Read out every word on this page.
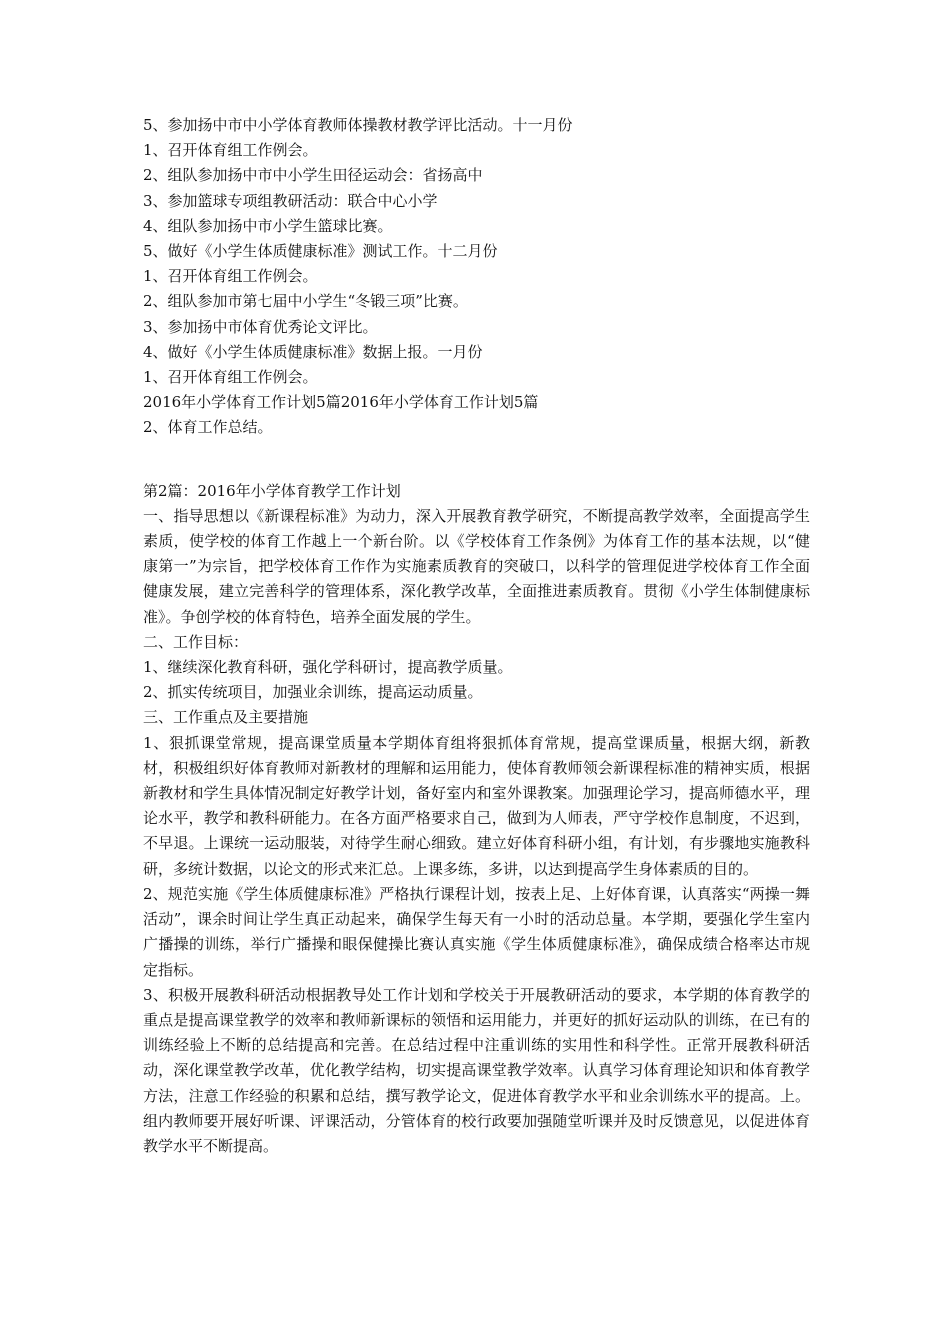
5、参加扬中市中小学体育教师体操教材教学评比活动。十一月份

1、召开体育组工作例会。

2、组队参加扬中市中小学生田径运动会：省扬高中

3、参加篮球专项组教研活动：联合中心小学

4、组队参加扬中市小学生篮球比赛。

5、做好《小学生体质健康标准》测试工作。十二月份

1、召开体育组工作例会。

2、组队参加市第七届中小学生“冬锻三项”比赛。

3、参加扬中市体育优秀论文评比。

4、做好《小学生体质健康标准》数据上报。一月份

1、召开体育组工作例会。

2016年小学体育工作计划5篇2016年小学体育工作计划5篇

2、体育工作总结。

第2篇：2016年小学体育教学工作计划

一、指导思想以《新课程标准》为动力，深入开展教育教学研究，不断提高教学效率，全面提高学生素质，使学校的体育工作越上一个新台阶。以《学校体育工作条例》为体育工作的基本法规，以“健康第一”为宗旨，把学校体育工作作为实施素质教育的突破口，以科学的管理促进学校体育工作全面健康发展，建立完善科学的管理体系，深化教学改革，全面推进素质教育。贯彻《小学生体制健康标准》。争创学校的体育特色，培养全面发展的学生。

二、工作目标：

1、继续深化教育科研，强化学科研讨，提高教学质量。

2、抓实传统项目，加强业余训练，提高运动质量。

三、工作重点及主要措施

1、狠抓课堂常规，提高课堂质量本学期体育组将狠抓体育常规，提高堂课质量，根据大纲，新教材，积极组织好体育教师对新教材的理解和运用能力，使体育教师领会新课程标准的精神实质，根据新教材和学生具体情况制定好教学计划，备好室内和室外课教案。加强理论学习，提高师德水平，理论水平，教学和教科研能力。在各方面严格要求自己，做到为人师表，严守学校作息制度，不迟到，不早退。上课统一运动服装，对待学生耐心细致。建立好体育科研小组，有计划，有步骤地实施教科研，多统计数据，以论文的形式来汇总。上课多练，多讲，以达到提高学生身体素质的目的。

2、规范实施《学生体质健康标准》严格执行课程计划，按表上足、上好体育课，认真落实“两操一舞活动”，课余时间让学生真正动起来，确保学生每天有一小时的活动总量。本学期，要强化学生室内广播操的训练，举行广播操和眼保健操比赛认真实施《学生体质健康标准》，确保成绩合格率达市规定指标。

3、积极开展教科研活动根据教导处工作计划和学校关于开展教研活动的要求，本学期的体育教学的重点是提高课堂教学的效率和教师新课标的领悟和运用能力，并更好的抓好运动队的训练，在已有的训练经验上不断的总结提高和完善。在总结过程中注重训练的实用性和科学性。正常开展教科研活动，深化课堂教学改革，优化教学结构，切实提高课堂教学效率。认真学习体育理论知识和体育教学方法，注意工作经验的积累和总结，撰写教学论文，促进体育教学水平和业余训练水平的提高。上。组内教师要开展好听课、评课活动，分管体育的校行政要加强随堂听课并及时反馈意见，以促进体育教学水平不断提高。
